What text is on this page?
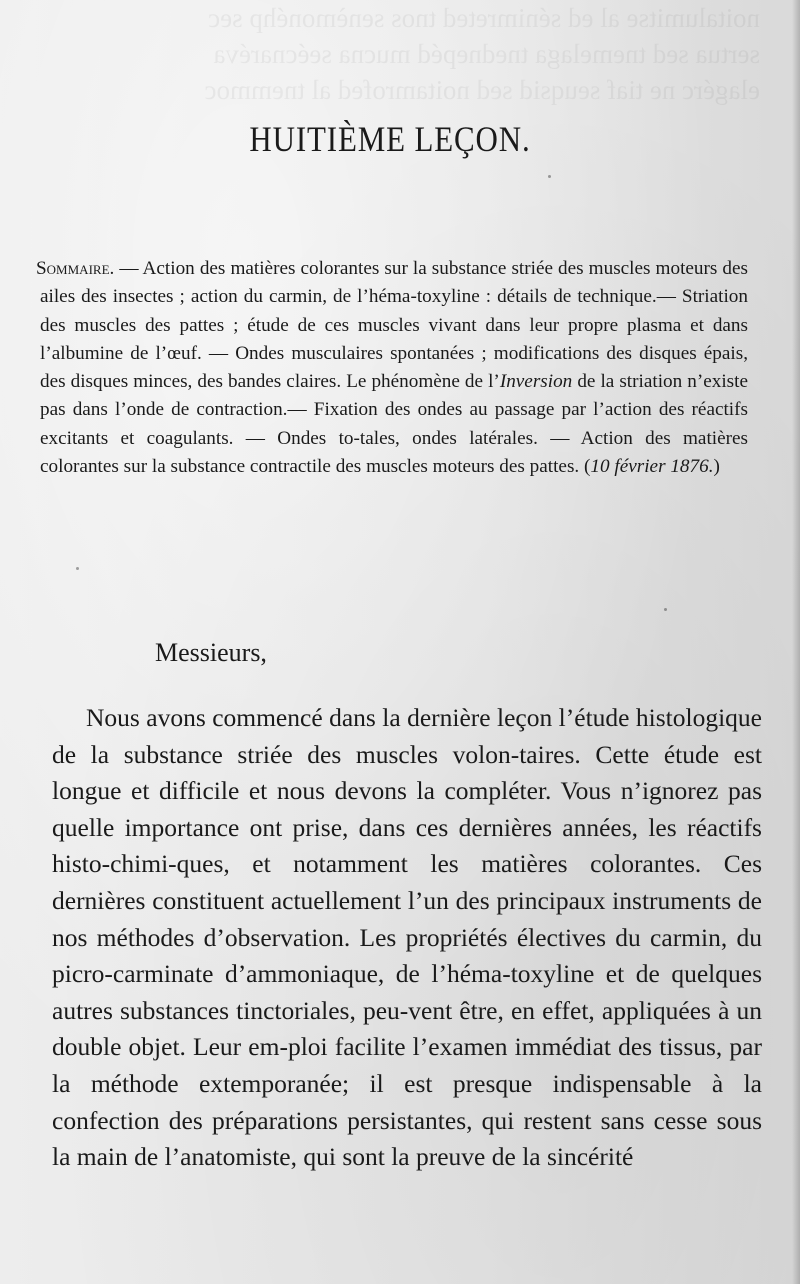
noitalumitse al ed sénimreted tnos senèmonéhp sec
sertua sed tnemelaga tnednepéd mucna seécnaréva
elagérc ne tiaf seuqsid sed noitamrofed al tnemmoc
HUITIÈME LEÇON.
Sommaire. — Action des matières colorantes sur la substance striée des muscles moteurs des ailes des insectes ; action du carmin, de l’héma-toxyline : détails de technique.— Striation des muscles des pattes ; étude de ces muscles vivant dans leur propre plasma et dans l’albumine de l’œuf. — Ondes musculaires spontanées ; modifications des disques épais, des disques minces, des bandes claires. Le phénomène de l’Inversion de la striation n’existe pas dans l’onde de contraction.— Fixation des ondes au passage par l’action des réactifs excitants et coagulants. — Ondes to-tales, ondes latérales. — Action des matières colorantes sur la substance contractile des muscles moteurs des pattes. (10 février 1876.)
Messieurs,
Nous avons commencé dans la dernière leçon l’étude histologique de la substance striée des muscles volon-taires. Cette étude est longue et difficile et nous devons la compléter. Vous n’ignorez pas quelle importance ont prise, dans ces dernières années, les réactifs histo-chimi-ques, et notamment les matières colorantes. Ces dernières constituent actuellement l’un des principaux instruments de nos méthodes d’observation. Les propriétés électives du carmin, du picro-carminate d’ammoniaque, de l’héma-toxyline et de quelques autres substances tinctoriales, peu-vent être, en effet, appliquées à un double objet. Leur em-ploi facilite l’examen immédiat des tissus, par la méthode extemporanée; il est presque indispensable à la confection des préparations persistantes, qui restent sans cesse sous la main de l’anatomiste, qui sont la preuve de la sincérité
